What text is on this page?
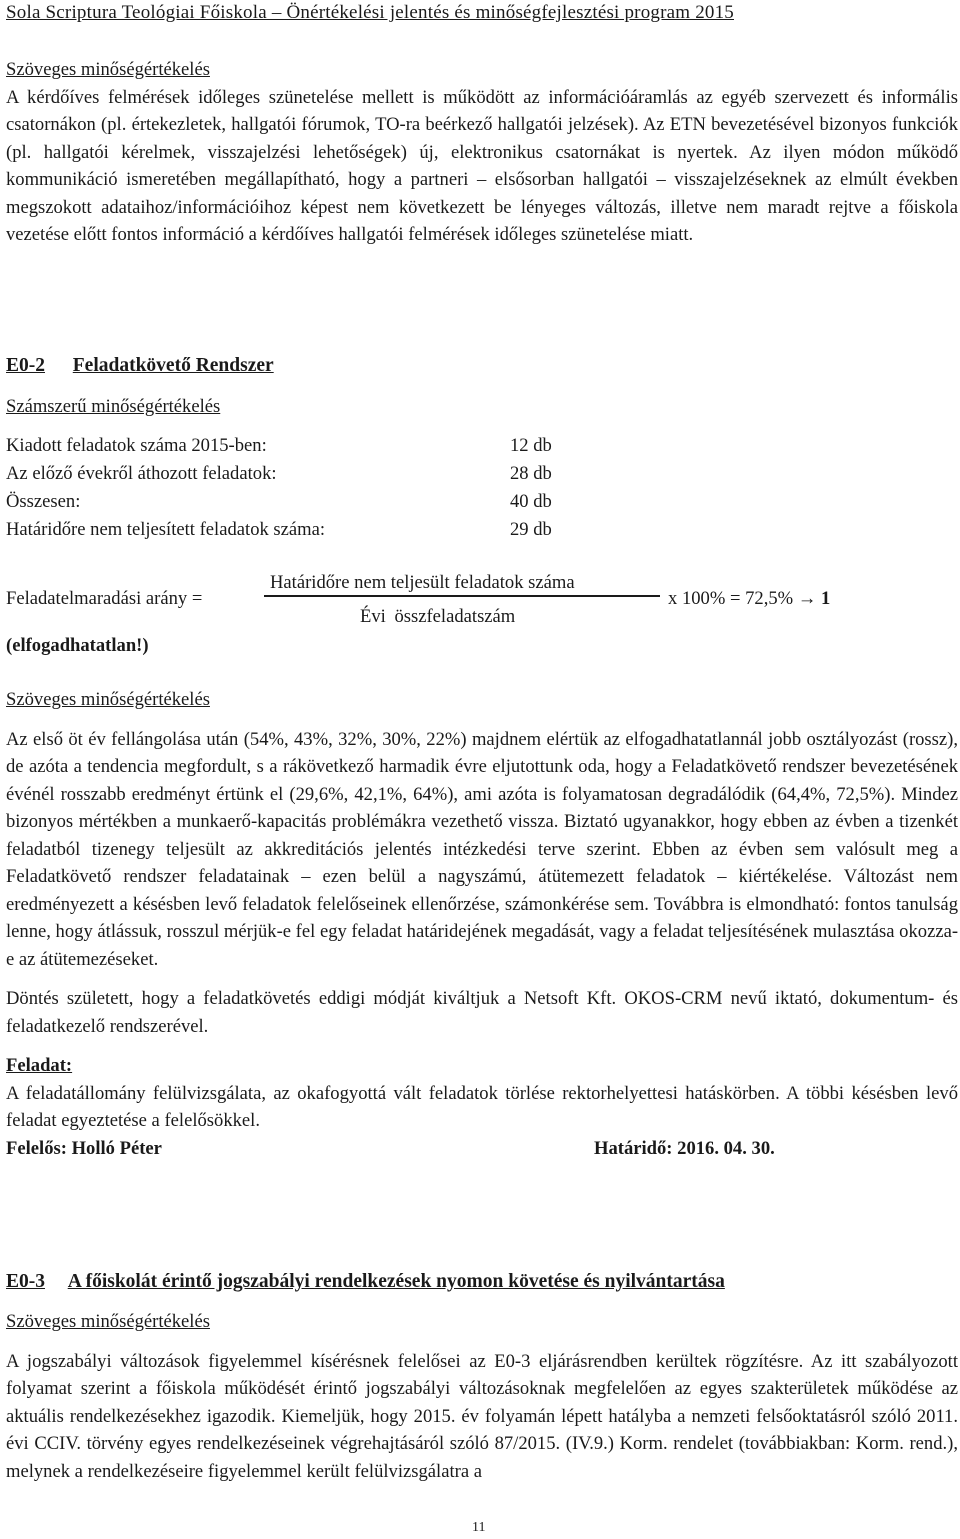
Sola Scriptura Teológiai Főiskola – Önértékelési jelentés és minőségfejlesztési program 2015
Szöveges minőségértékelés
A kérdőíves felmérések időleges szünetelése mellett is működött az információáramlás az egyéb szervezett és informális csatornákon (pl. értekezletek, hallgatói fórumok, TO-ra beérkező hallgatói jelzések). Az ETN bevezetésével bizonyos funkciók (pl. hallgatói kérelmek, visszajelzési lehetőségek) új, elektronikus csatornákat is nyertek. Az ilyen módon működő kommunikáció ismeretében megállapítható, hogy a partneri – elsősorban hallgatói – visszajelzéseknek az elmúlt években megszokott adataihoz/információihoz képest nem következett be lényeges változás, illetve nem maradt rejtve a főiskola vezetése előtt fontos információ a kérdőíves hallgatói felmérések időleges szünetelése miatt.
E0-2 Feladatkövető Rendszer
Számszerű minőségértékelés
Kiadott feladatok száma 2015-ben:	12 db
Az előző évekről áthozott feladatok:	28 db
Összesen:	40 db
Határidőre nem teljesített feladatok száma:	29 db
Feladatelmaradási arány =
Határidőre nem teljesült feladatok száma
Évi összfeladatszám
x 100% = 72,5% → 1
(elfogadhatatlan!)
Szöveges minőségértékelés
Az első öt év fellángolása után (54%, 43%, 32%, 30%, 22%) majdnem elértük az elfogadhatatlannál jobb osztályozást (rossz), de azóta a tendencia megfordult, s a rákövetkező harmadik évre eljutottunk oda, hogy a Feladatkövető rendszer bevezetésének événél rosszabb eredményt értünk el (29,6%, 42,1%, 64%), ami azóta is folyamatosan degradálódik (64,4%, 72,5%). Mindez bizonyos mértékben a munkaerő-kapacitás problémákra vezethető vissza. Biztató ugyanakkor, hogy ebben az évben a tizenkét feladatból tizenegy teljesült az akkreditációs jelentés intézkedési terve szerint. Ebben az évben sem valósult meg a Feladatkövető rendszer feladatainak – ezen belül a nagyszámú, átütemezett feladatok – kiértékelése. Változást nem eredményezett a késésben levő feladatok felelőseinek ellenőrzése, számonkérése sem. Továbbra is elmondható: fontos tanulság lenne, hogy átlássuk, rosszul mérjük-e fel egy feladat határidejének megadását, vagy a feladat teljesítésének mulasztása okozza-e az átütemezéseket.
Döntés született, hogy a feladatkövetés eddigi módját kiváltjuk a Netsoft Kft. OKOS-CRM nevű iktató, dokumentum- és feladatkezelő rendszerével.
Feladat:
A feladatállomány felülvizsgálata, az okafogyottá vált feladatok törlése rektorhelyettesi hatáskörben. A többi késésben levő feladat egyeztetése a felelősökkel.
Felelős: Holló Péter	Határidő: 2016. 04. 30.
E0-3 A főiskolát érintő jogszabályi rendelkezések nyomon követése és nyilvántartása
Szöveges minőségértékelés
A jogszabályi változások figyelemmel kísérésnek felelősei az E0-3 eljárásrendben kerültek rögzítésre. Az itt szabályozott folyamat szerint a főiskola működését érintő jogszabályi változásoknak megfelelően az egyes szakterületek működése az aktuális rendelkezésekhez igazodik. Kiemeljük, hogy 2015. év folyamán lépett hatályba a nemzeti felsőoktatásról szóló 2011. évi CCIV. törvény egyes rendelkezéseinek végrehajtásáról szóló 87/2015. (IV.9.) Korm. rendelet (továbbiakban: Korm. rend.), melynek a rendelkezéseire figyelemmel került felülvizsgálatra a
11
